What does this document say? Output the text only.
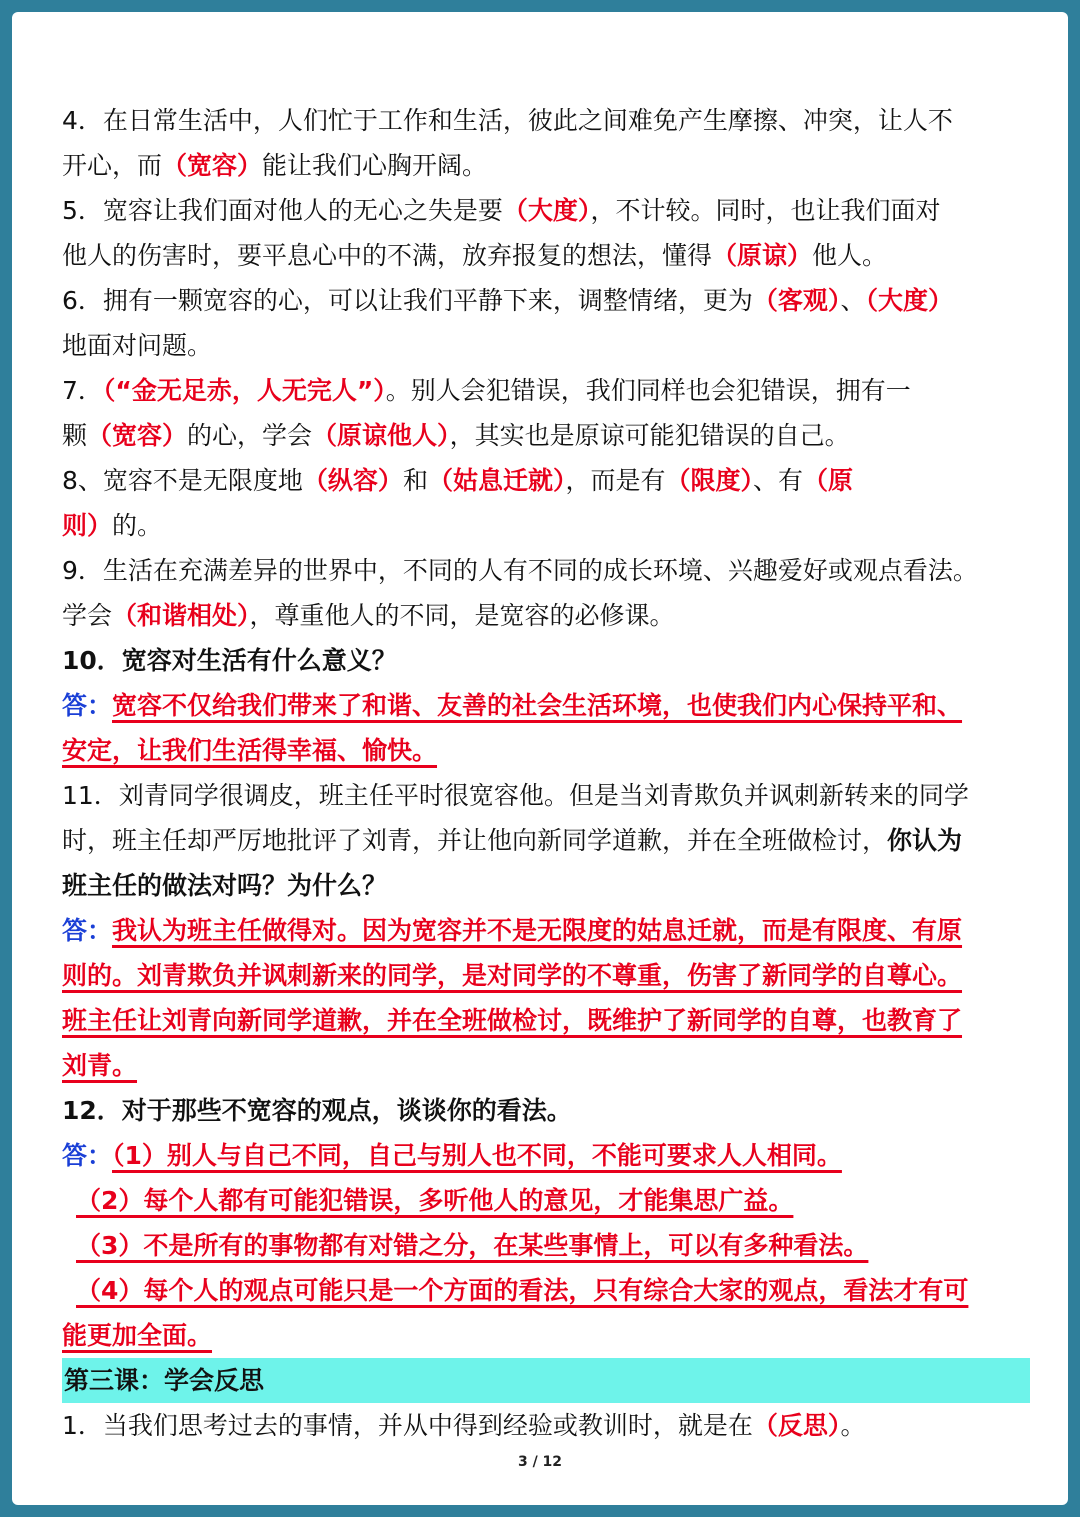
4．在日常生活中，人们忙于工作和生活，彼此之间难免产生摩擦、冲突，让人不
开心，而（宽容）能让我们心胸开阔。
5．宽容让我们面对他人的无心之失是要（大度），不计较。同时，也让我们面对
他人的伤害时，要平息心中的不满，放弃报复的想法，懂得（原谅）他人。
6．拥有一颗宽容的心，可以让我们平静下来，调整情绪，更为（客观）、（大度）
地面对问题。
7．（“金无足赤，人无完人”）。别人会犯错误，我们同样也会犯错误，拥有一
颗（宽容）的心，学会（原谅他人），其实也是原谅可能犯错误的自己。
8、宽容不是无限度地（纵容）和（姑息迁就），而是有（限度）、有（原
则）的。
9．生活在充满差异的世界中，不同的人有不同的成长环境、兴趣爱好或观点看法。
学会（和谐相处），尊重他人的不同，是宽容的必修课。
10．宽容对生活有什么意义？
答：宽容不仅给我们带来了和谐、友善的社会生活环境，也使我们内心保持平和、
安定，让我们生活得幸福、愉快。
11．刘青同学很调皮，班主任平时很宽容他。但是当刘青欺负并讽刺新转来的同学
时，班主任却严厉地批评了刘青，并让他向新同学道歉，并在全班做检讨，你认为
班主任的做法对吗？为什么？
答：我认为班主任做得对。因为宽容并不是无限度的姑息迁就，而是有限度、有原
则的。刘青欺负并讽刺新来的同学，是对同学的不尊重，伤害了新同学的自尊心。
班主任让刘青向新同学道歉，并在全班做检讨，既维护了新同学的自尊，也教育了
刘青。
12．对于那些不宽容的观点，谈谈你的看法。
答：（1）别人与自己不同，自己与别人也不同，不能可要求人人相同。
（2）每个人都有可能犯错误，多听他人的意见，才能集思广益。
（3）不是所有的事物都有对错之分，在某些事情上，可以有多种看法。
（4）每个人的观点可能只是一个方面的看法，只有综合大家的观点，看法才有可
能更加全面。
第三课：学会反思
1．当我们思考过去的事情，并从中得到经验或教训时，就是在（反思）。
3 / 12
